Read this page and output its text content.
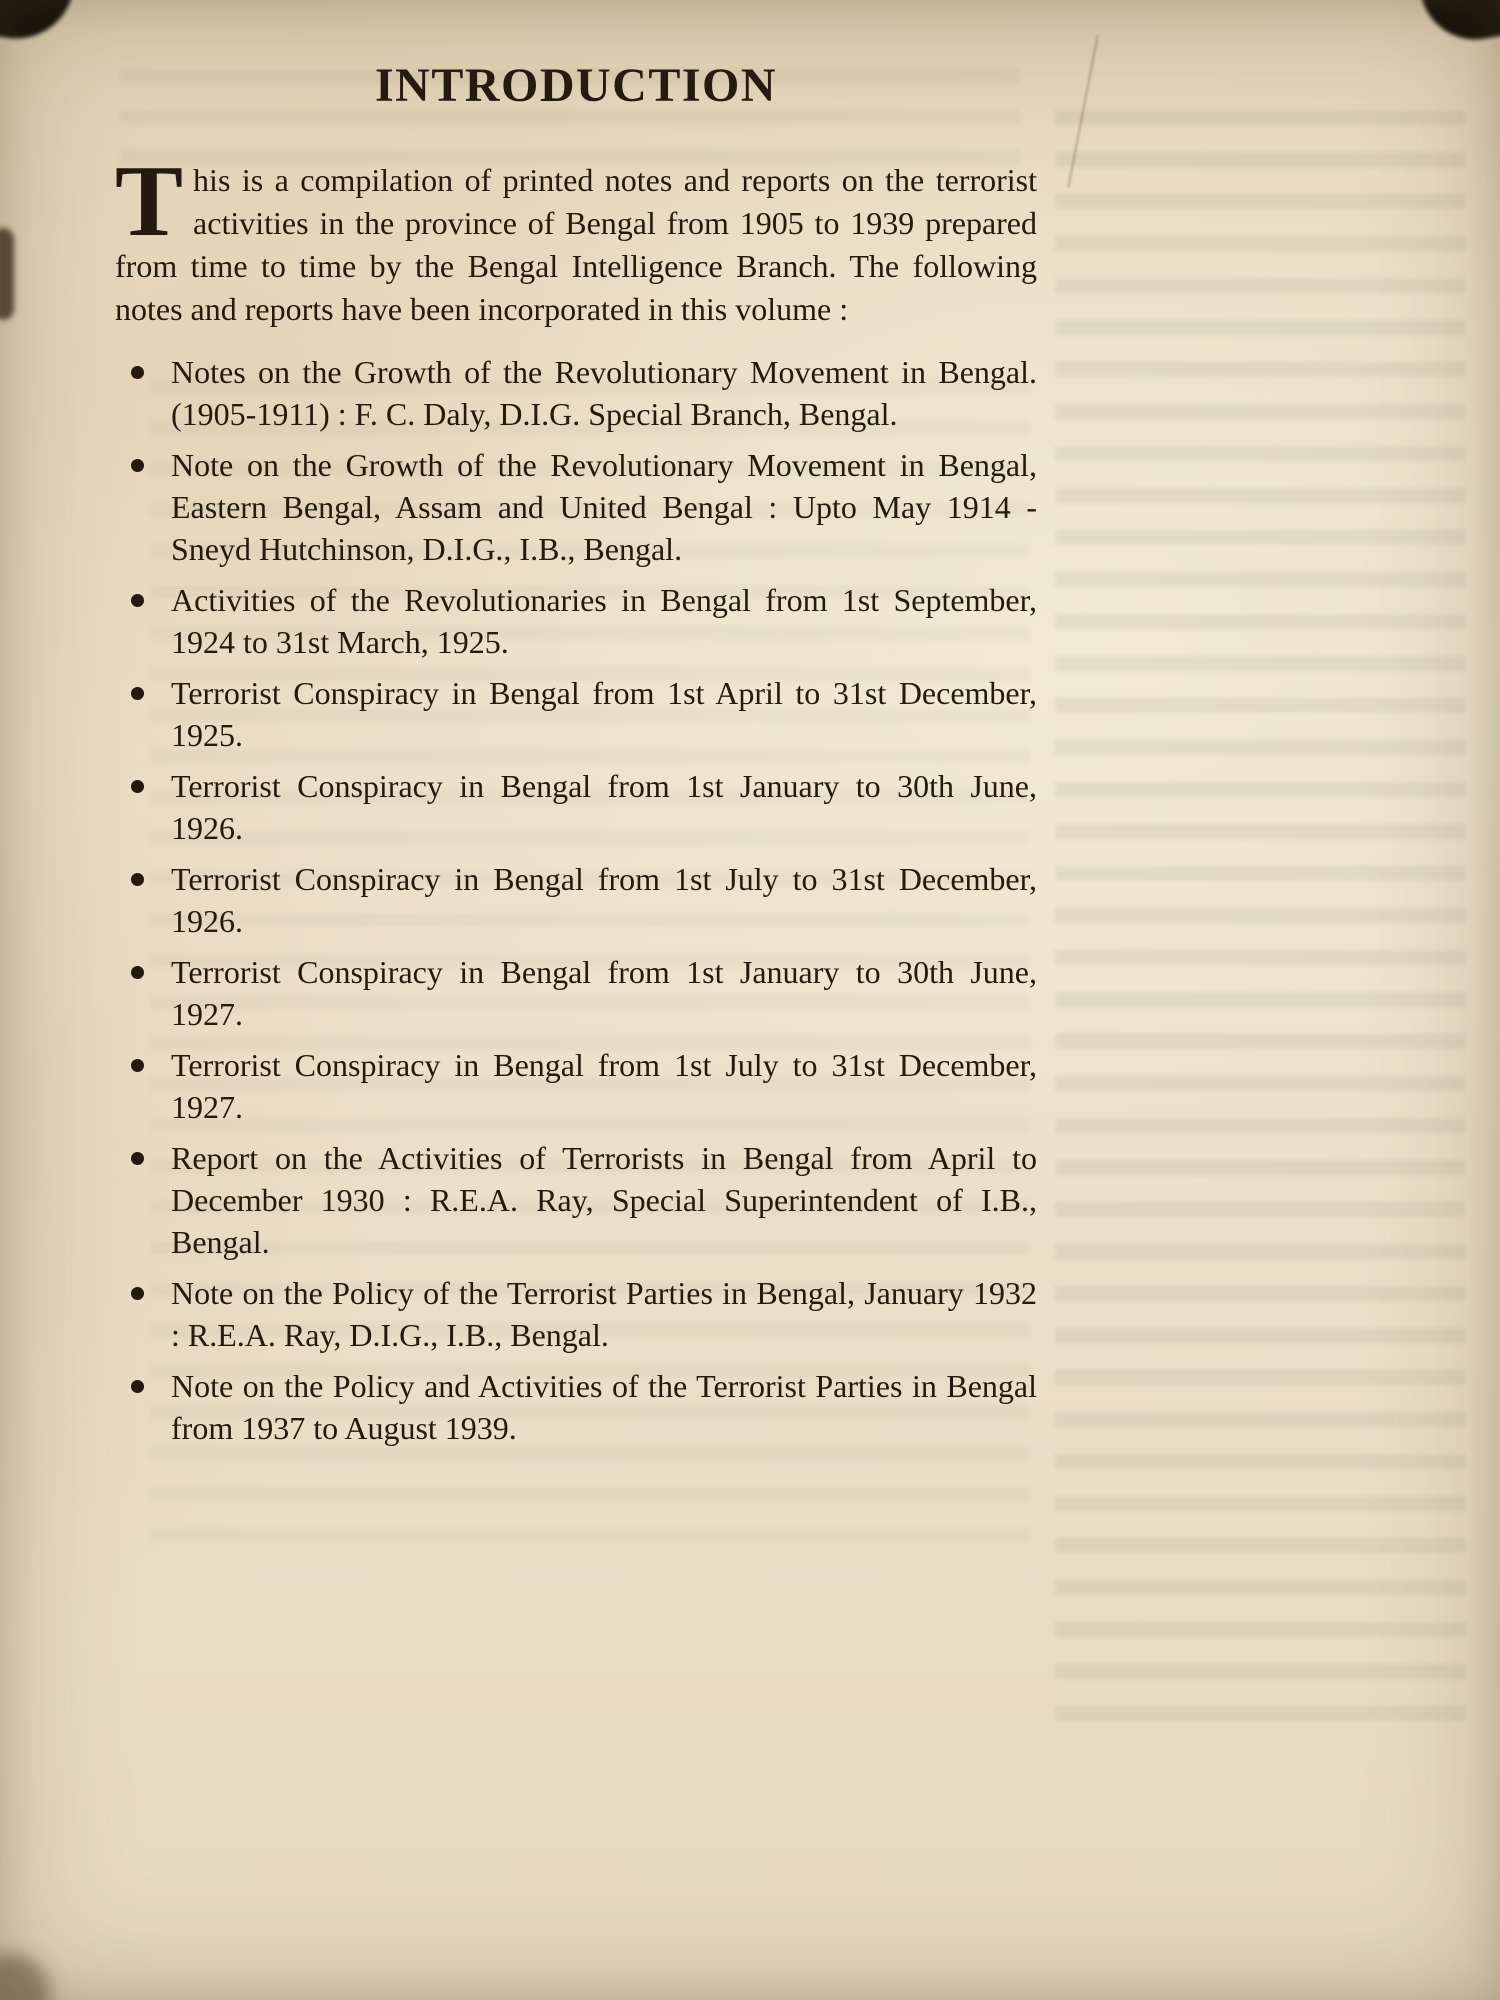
INTRODUCTION

This is a compilation of printed notes and reports on the terrorist activities in the province of Bengal from 1905 to 1939 prepared from time to time by the Bengal Intelligence Branch. The following notes and reports have been incorporated in this volume :

Notes on the Growth of the Revolutionary Movement in Bengal. (1905-1911) : F. C. Daly, D.I.G. Special Branch, Bengal.
Note on the Growth of the Revolutionary Movement in Bengal, Eastern Bengal, Assam and United Bengal : Upto May 1914 - Sneyd Hutchinson, D.I.G., I.B., Bengal.
Activities of the Revolutionaries in Bengal from 1st September, 1924 to 31st March, 1925.
Terrorist Conspiracy in Bengal from 1st April to 31st December, 1925.
Terrorist Conspiracy in Bengal from 1st January to 30th June, 1926.
Terrorist Conspiracy in Bengal from 1st July to 31st December, 1926.
Terrorist Conspiracy in Bengal from 1st January to 30th June, 1927.
Terrorist Conspiracy in Bengal from 1st July to 31st December, 1927.
Report on the Activities of Terrorists in Bengal from April to December 1930 : R.E.A. Ray, Special Superintendent of I.B., Bengal.
Note on the Policy of the Terrorist Parties in Bengal, January 1932 : R.E.A. Ray, D.I.G., I.B., Bengal.
Note on the Policy and Activities of the Terrorist Parties in Bengal from 1937 to August 1939.
